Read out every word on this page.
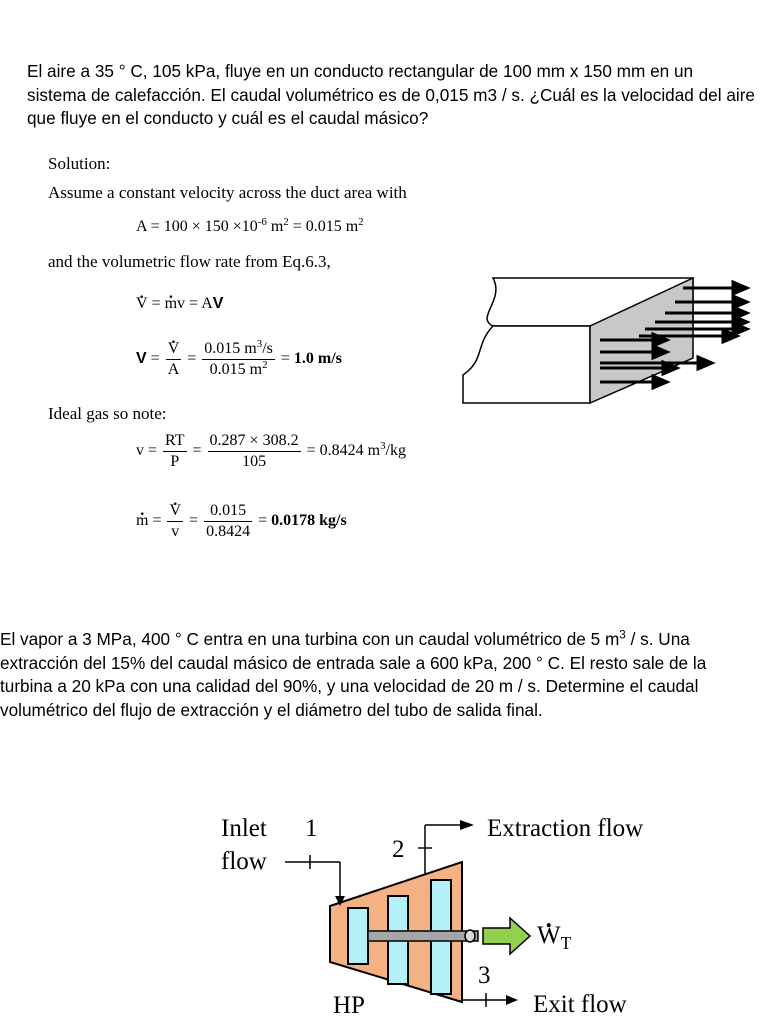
El aire a 35 ° C, 105 kPa, fluye en un conducto rectangular de 100 mm x 150 mm en un sistema de calefacción. El caudal volumétrico es de 0,015 m3 / s. ¿Cuál es la velocidad del aire que fluye en el conducto y cuál es el caudal másico?
Solution:
Assume a constant velocity across the duct area with
$A = 100 \times 150 \times 10^{-6}$ $m^2 = 0.015$ $m^2$
and the volumetric flow rate from Eq.6.3,
. V = . mv = AV
V = . $\frac{V}{A} = \frac{0.015 m^3/s}{0.015 m^2} = 1.0$ m/s
Ideal gas so note:
$v = \frac{RT}{P} = \frac{0.287 \times 308.2}{105} = 0.8424$ $m^3/kg$
. m = . $\frac{V}{v} = \frac{0.015}{0.8424} = 0.0178$ kg/s
El vapor a 3 MPa, 400 ° C entra en una turbina con un caudal volumétrico de 5 $m^3$ / s. Una extracción del 15% del caudal másico de entrada sale a 600 kPa, 200 ° C. El resto sale de la turbina a 20 kPa con una calidad del 90%, y una velocidad de 20 m / s. Determine el caudal volumétrico del flujo de extracción y el diámetro del tubo de salida final.
Inlet
flow
1
2
Extraction flow
. $W_T$
3
Exit flow
HP
